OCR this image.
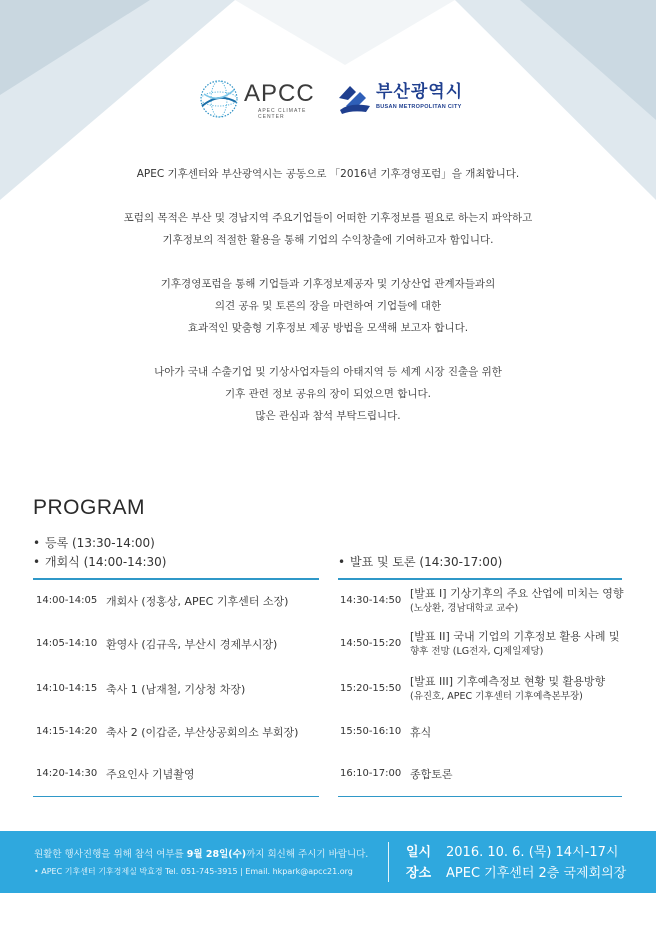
APCC
APEC CLIMATE CENTER
부산광역시
BUSAN METROPOLITAN CITY

APEC 기후센터와 부산광역시는 공동으로 「2016년 기후경영포럼」을 개최합니다.

포럼의 목적은 부산 및 경남지역 주요기업들이 어떠한 기후정보를 필요로 하는지 파악하고

기후정보의 적절한 활용을 통해 기업의 수익창출에 기여하고자 함입니다.

기후경영포럼을 통해 기업들과 기후정보제공자 및 기상산업 관계자들과의

의견 공유 및 토론의 장을 마련하여 기업들에 대한

효과적인 맞춤형 기후정보 제공 방법을 모색해 보고자 합니다.

나아가 국내 수출기업 및 기상사업자들의 아태지역 등 세계 시장 진출을 위한

기후 관련 정보 공유의 장이 되었으면 합니다.

많은 관심과 참석 부탁드립니다.

PROGRAM
• 등록 (13:30-14:00)
• 개회식 (14:00-14:30)	• 발표 및 토론 (14:30-17:00)
14:00-14:05 개회사 (정홍상, APEC 기후센터 소장)
14:05-14:10 환영사 (김규옥, 부산시 경제부시장)
14:10-14:15 축사 1 (남재철, 기상청 차장)
14:15-14:20 축사 2 (이갑준, 부산상공회의소 부회장)
14:20-14:30 주요인사 기념촬영
14:30-14:50
[발표 I] 기상기후의 주요 산업에 미치는 영향
(노상환, 경남대학교 교수)
14:50-15:20
[발표 II] 국내 기업의 기후정보 활용 사례 및
향후 전망 (LG전자, CJ제일제당)
15:20-15:50
[발표 III] 기후예측정보 현황 및 활용방향
(유진호, APEC 기후센터 기후예측본부장)
15:50-16:10 휴식
16:10-17:00 종합토론
원활한 행사진행을 위해 참석 여부를 9월 28일(수)까지 회신해 주시기 바랍니다.
• APEC 기후센터 기후경제실 박효경 Tel. 051-745-3915 | Email. hkpark@apcc21.org
일시 2016. 10. 6. (목) 14시-17시
장소 APEC 기후센터 2층 국제회의장
